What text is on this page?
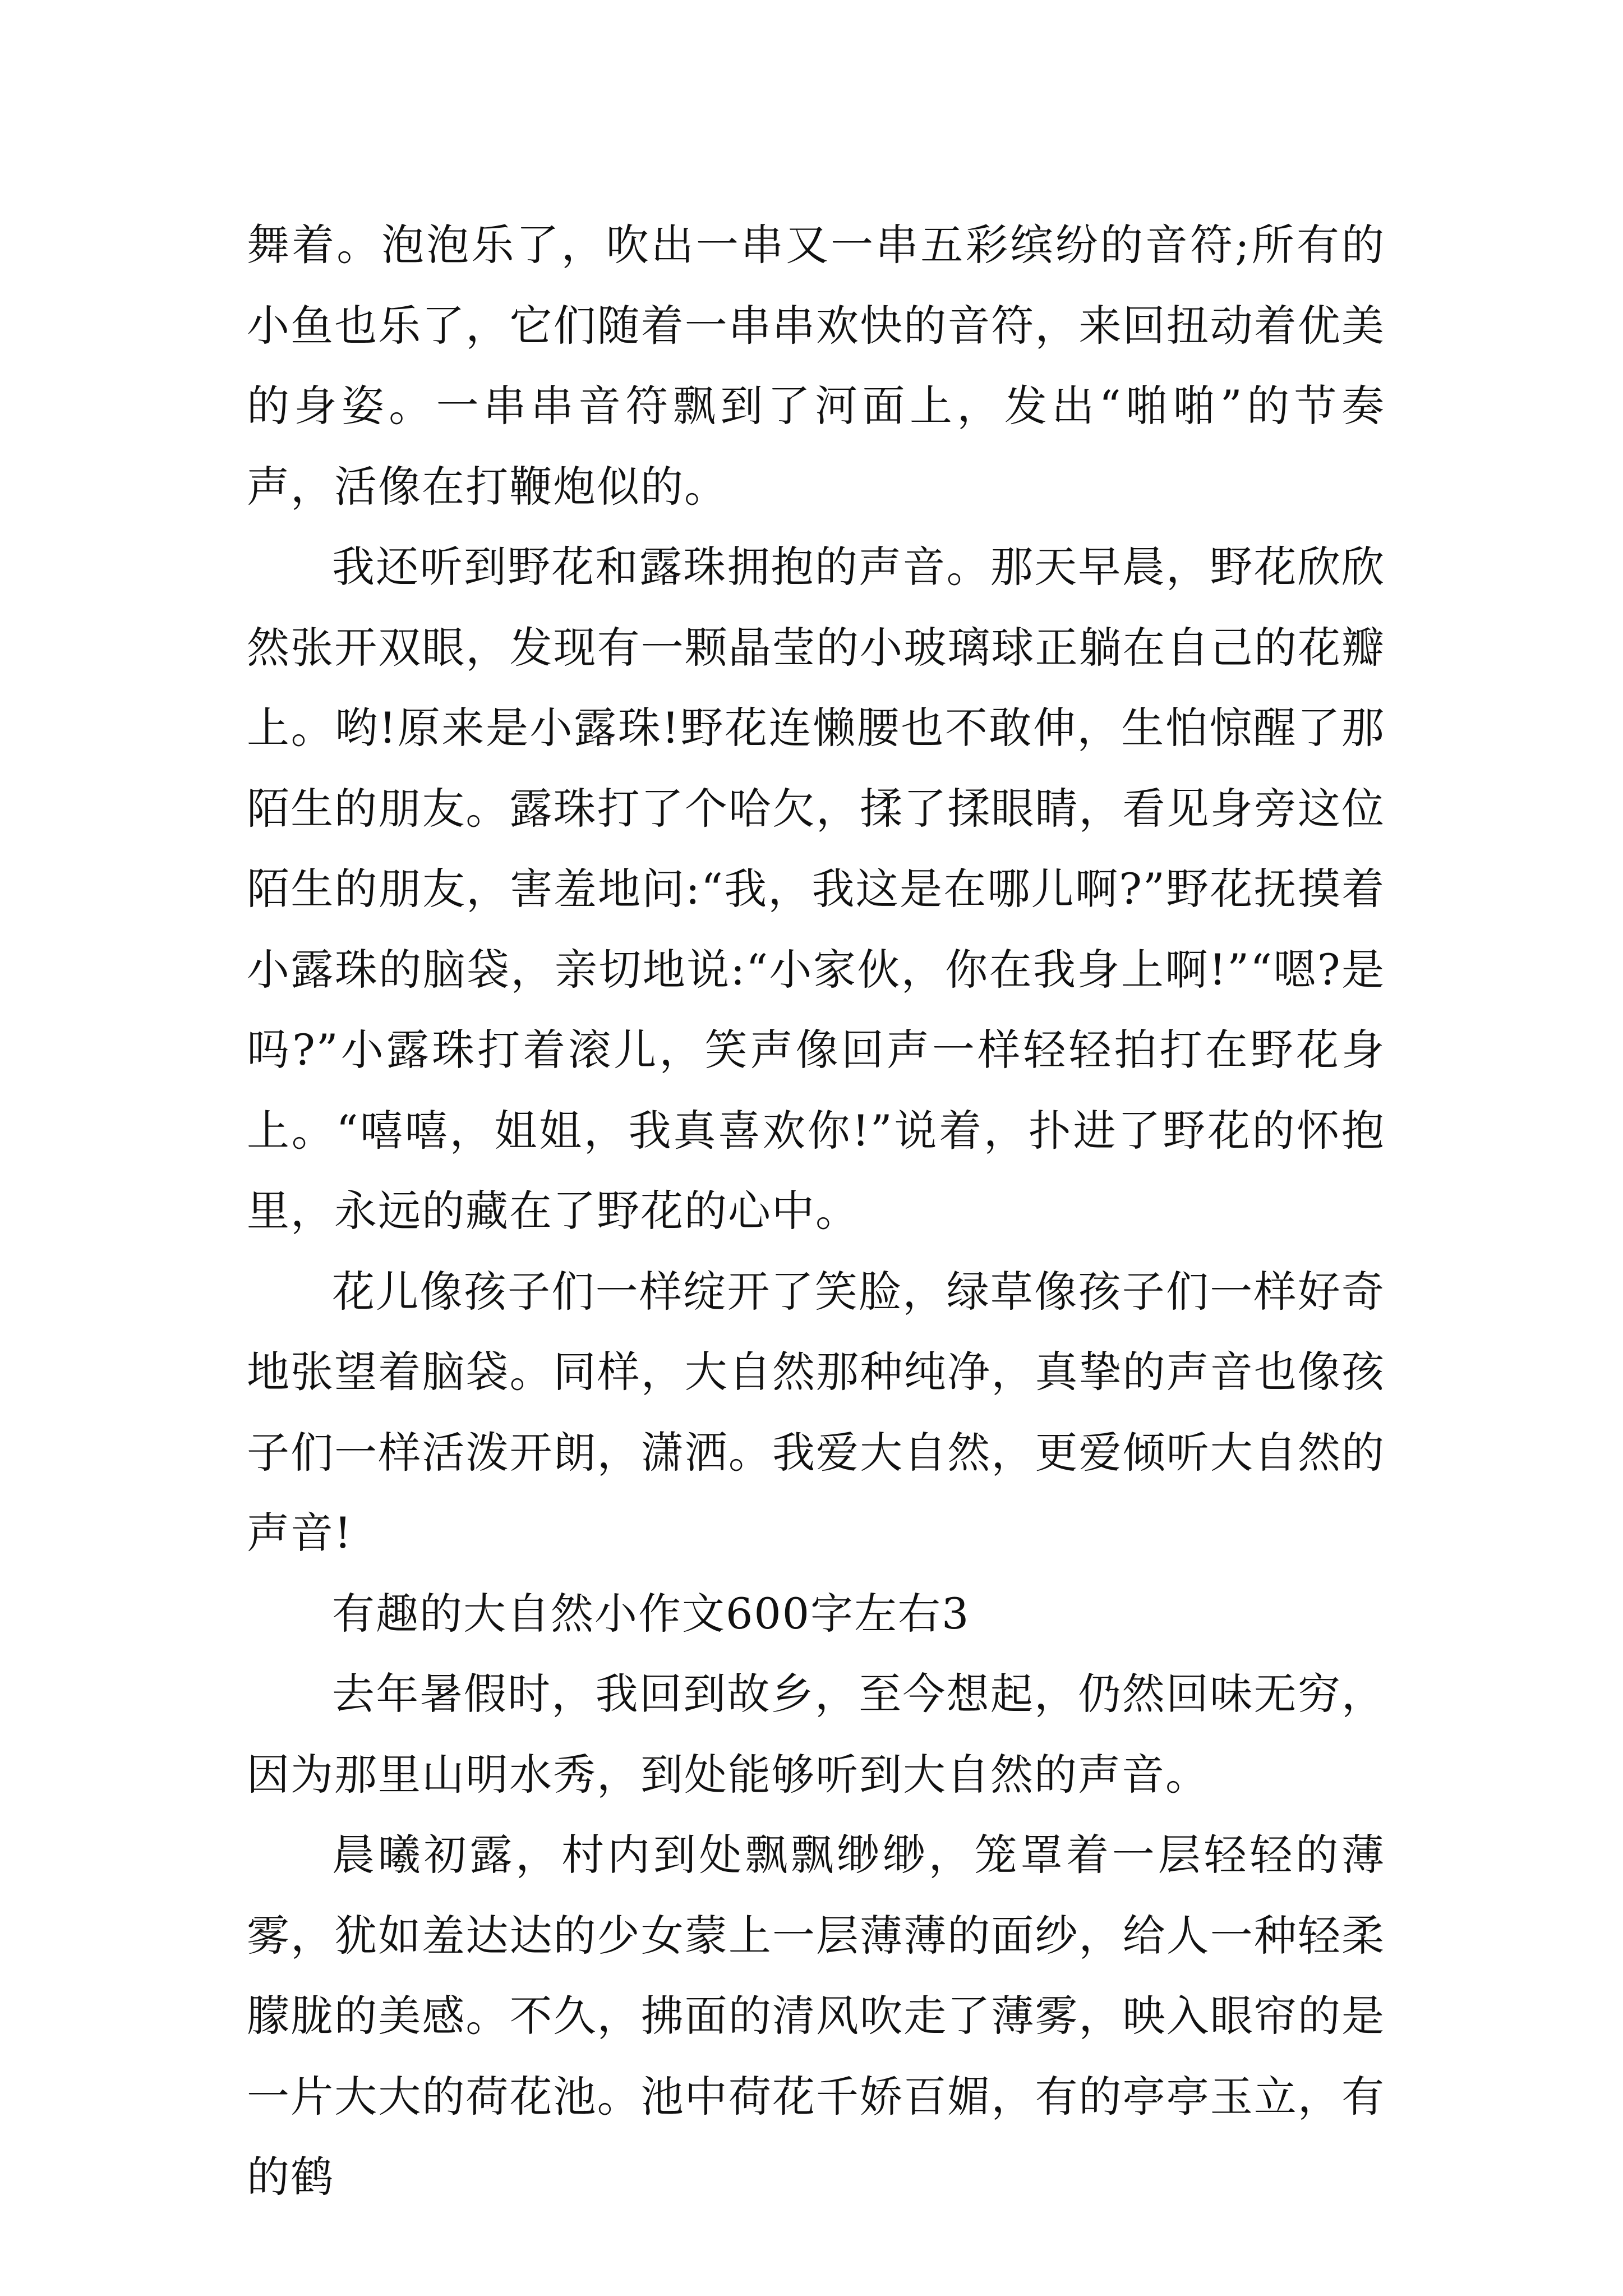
舞着。泡泡乐了，吹出一串又一串五彩缤纷的音符;所有的小鱼也乐了，它们随着一串串欢快的音符，来回扭动着优美的身姿。一串串音符飘到了河面上，发出“啪啪”的节奏声，活像在打鞭炮似的。

我还听到野花和露珠拥抱的声音。那天早晨，野花欣欣然张开双眼，发现有一颗晶莹的小玻璃球正躺在自己的花瓣上。哟!原来是小露珠!野花连懒腰也不敢伸，生怕惊醒了那陌生的朋友。露珠打了个哈欠，揉了揉眼睛，看见身旁这位陌生的朋友，害羞地问:“我，我这是在哪儿啊?”野花抚摸着小露珠的脑袋，亲切地说:“小家伙，你在我身上啊!”“嗯?是吗?”小露珠打着滚儿，笑声像回声一样轻轻拍打在野花身上。“嘻嘻，姐姐，我真喜欢你!”说着，扑进了野花的怀抱里，永远的藏在了野花的心中。

花儿像孩子们一样绽开了笑脸，绿草像孩子们一样好奇地张望着脑袋。同样，大自然那种纯净，真挚的声音也像孩子们一样活泼开朗，潇洒。我爱大自然，更爱倾听大自然的声音!

有趣的大自然小作文600字左右3

去年暑假时，我回到故乡，至今想起，仍然回味无穷，因为那里山明水秀，到处能够听到大自然的声音。

晨曦初露，村内到处飘飘缈缈，笼罩着一层轻轻的薄雾，犹如羞达达的少女蒙上一层薄薄的面纱，给人一种轻柔朦胧的美感。不久，拂面的清风吹走了薄雾，映入眼帘的是一片大大的荷花池。池中荷花千娇百媚，有的亭亭玉立，有的鹤
